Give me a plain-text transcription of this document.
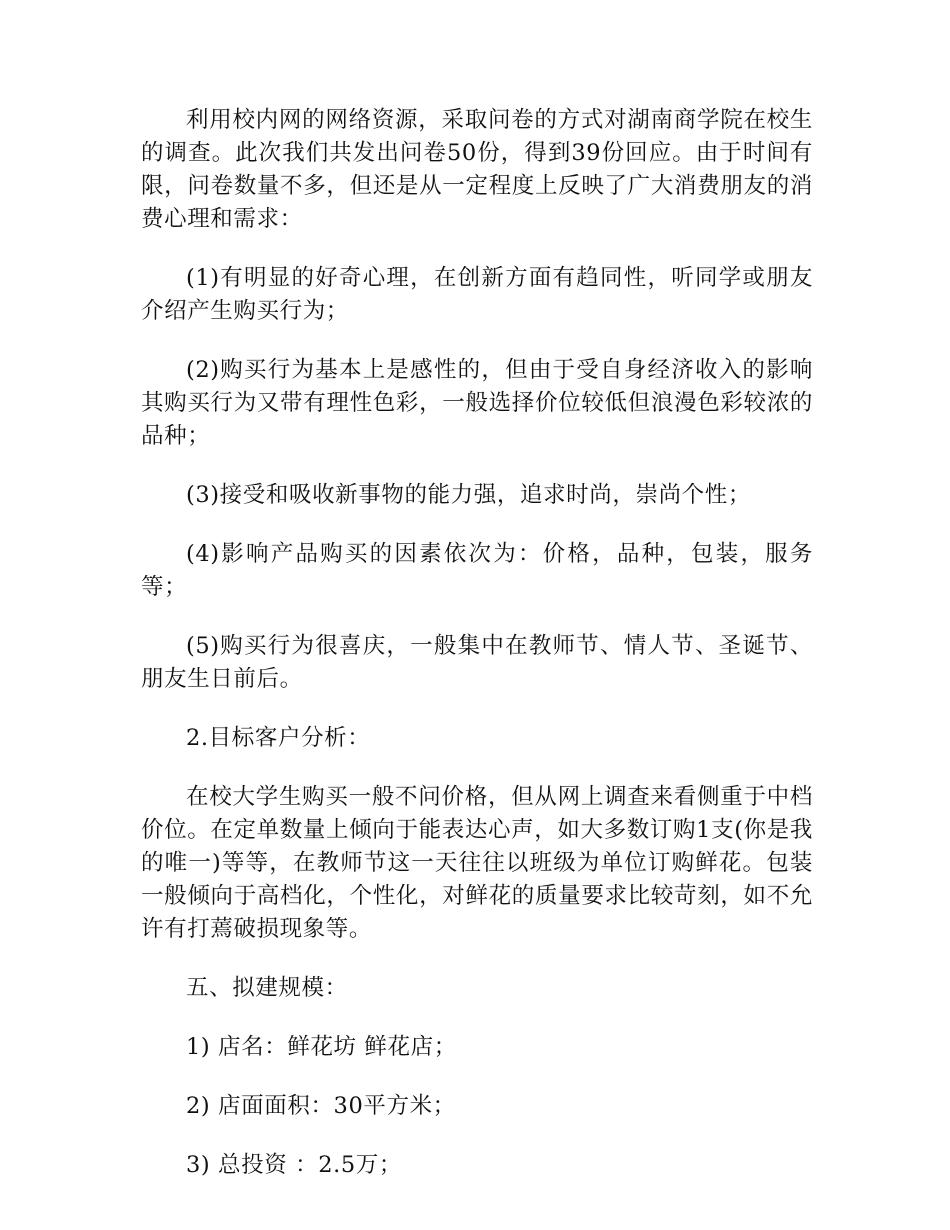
利用校内网的网络资源，采取问卷的方式对湖南商学院在校生的调查。此次我们共发出问卷50份，得到39份回应。由于时间有限，问卷数量不多，但还是从一定程度上反映了广大消费朋友的消费心理和需求：

(1)有明显的好奇心理，在创新方面有趋同性，听同学或朋友介绍产生购买行为；

(2)购买行为基本上是感性的，但由于受自身经济收入的影响其购买行为又带有理性色彩，一般选择价位较低但浪漫色彩较浓的品种；

(3)接受和吸收新事物的能力强，追求时尚，崇尚个性；

(4)影响产品购买的因素依次为：价格，品种，包装，服务等；

(5)购买行为很喜庆，一般集中在教师节、情人节、圣诞节、朋友生日前后。

2.目标客户分析：

在校大学生购买一般不问价格，但从网上调查来看侧重于中档价位。在定单数量上倾向于能表达心声，如大多数订购1支(你是我的唯一)等等，在教师节这一天往往以班级为单位订购鲜花。包装一般倾向于高档化，个性化，对鲜花的质量要求比较苛刻，如不允许有打蔫破损现象等。

五、拟建规模：

1) 店名：鲜花坊 鲜花店；

2) 店面面积：30平方米；

3) 总投资 ：2.5万；
